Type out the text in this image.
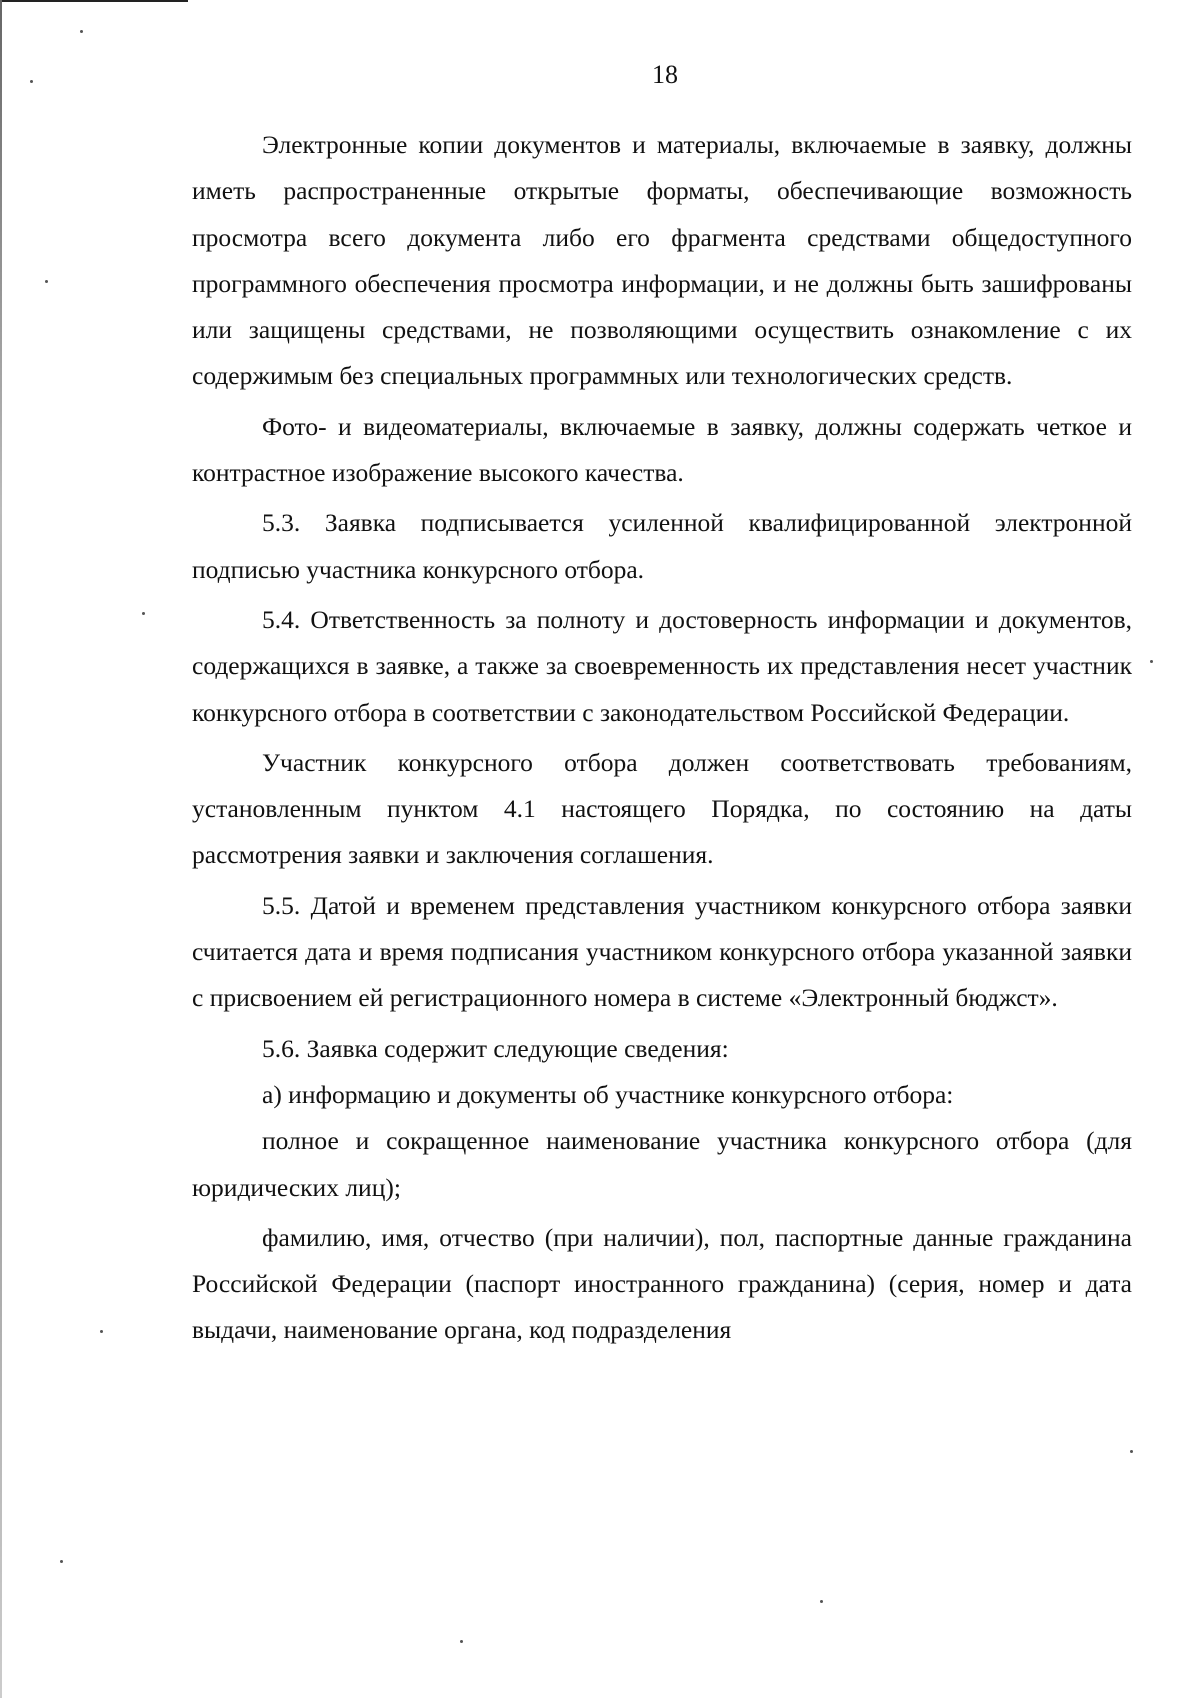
18

Электронные копии документов и материалы, включаемые в заявку, должны иметь распространенные открытые форматы, обеспечивающие возможность просмотра всего документа либо его фрагмента средствами общедоступного программного обеспечения просмотра информации, и не должны быть зашифрованы или защищены средствами, не позволяющими осуществить ознакомление с их содержимым без специальных программных или технологических средств.

Фото- и видеоматериалы, включаемые в заявку, должны содержать четкое и контрастное изображение высокого качества.

5.3. Заявка подписывается усиленной квалифицированной электронной подписью участника конкурсного отбора.

5.4. Ответственность за полноту и достоверность информации и документов, содержащихся в заявке, а также за своевременность их представления несет участник конкурсного отбора в соответствии с законодательством Российской Федерации.

Участник конкурсного отбора должен соответствовать требованиям, установленным пунктом 4.1 настоящего Порядка, по состоянию на даты рассмотрения заявки и заключения соглашения.

5.5. Датой и временем представления участником конкурсного отбора заявки считается дата и время подписания участником конкурсного отбора указанной заявки с присвоением ей регистрационного номера в системе «Электронный бюджст».

5.6. Заявка содержит следующие сведения:

а) информацию и документы об участнике конкурсного отбора:

полное и сокращенное наименование участника конкурсного отбора (для юридических лиц);

фамилию, имя, отчество (при наличии), пол, паспортные данные гражданина Российской Федерации (паспорт иностранного гражданина) (серия, номер и дата выдачи, наименование органа, код подразделения
